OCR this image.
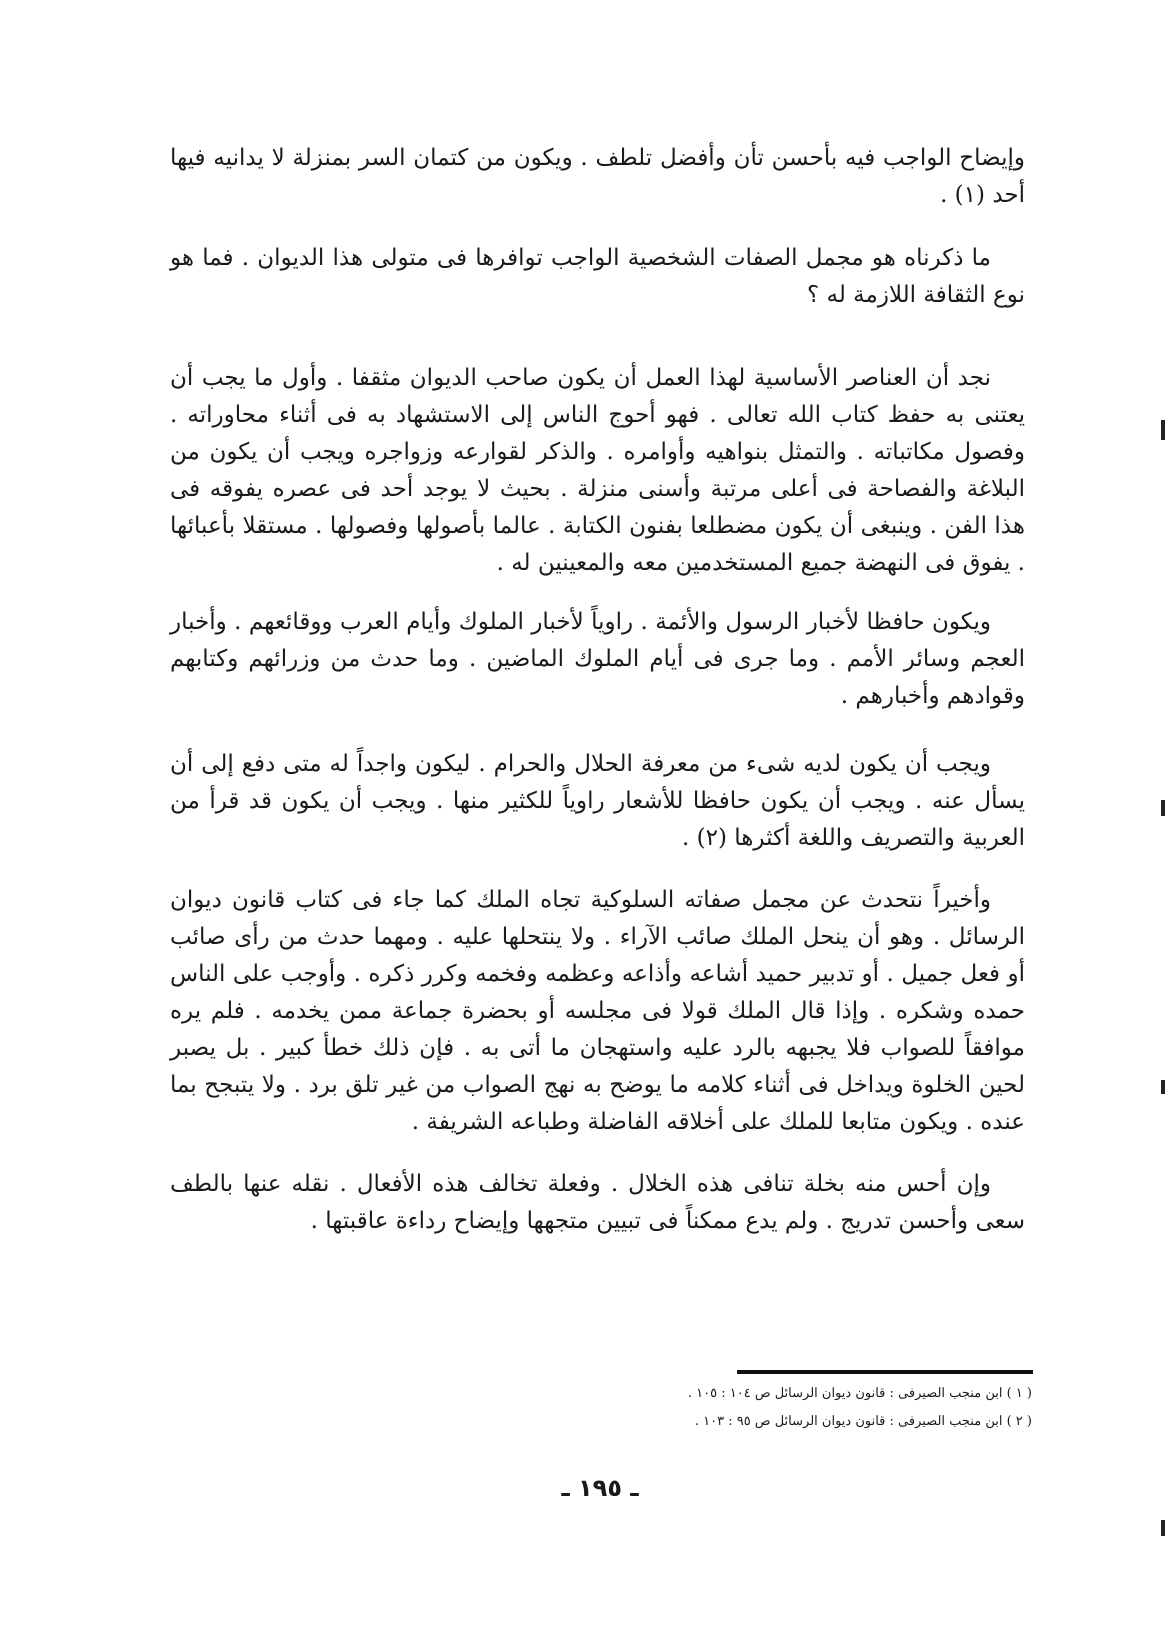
وإيضاح الواجب فيه بأحسن تأن وأفضل تلطف . ويكون من كتمان السر بمنزلة لا يدانيه فيها أحد (١) .

ما ذكرناه هو مجمل الصفات الشخصية الواجب توافرها فى متولى هذا الديوان . فما هو نوع الثقافة اللازمة له ؟

نجد أن العناصر الأساسية لهذا العمل أن يكون صاحب الديوان مثقفا . وأول ما يجب أن يعتنى به حفظ كتاب الله تعالى . فهو أحوج الناس إلى الاستشهاد به فى أثناء محاوراته . وفصول مكاتباته . والتمثل بنواهيه وأوامره . والذكر لقوارعه وزواجره ويجب أن يكون من البلاغة والفصاحة فى أعلى مرتبة وأسنى منزلة . بحيث لا يوجد أحد فى عصره يفوقه فى هذا الفن . وينبغى أن يكون مضطلعا بفنون الكتابة . عالما بأصولها وفصولها . مستقلا بأعبائها . يفوق فى النهضة جميع المستخدمين معه والمعينين له .

ويكون حافظا لأخبار الرسول والأئمة . راوياً لأخبار الملوك وأيام العرب ووقائعهم . وأخبار العجم وسائر الأمم . وما جرى فى أيام الملوك الماضين . وما حدث من وزرائهم وكتابهم وقوادهم وأخبارهم .

ويجب أن يكون لديه شىء من معرفة الحلال والحرام . ليكون واجداً له متى دفع إلى أن يسأل عنه . ويجب أن يكون حافظا للأشعار راوياً للكثير منها . ويجب أن يكون قد قرأ من العربية والتصريف واللغة أكثرها (٢) .

وأخيراً نتحدث عن مجمل صفاته السلوكية تجاه الملك كما جاء فى كتاب قانون ديوان الرسائل . وهو أن ينحل الملك صائب الآراء . ولا ينتحلها عليه . ومهما حدث من رأى صائب أو فعل جميل . أو تدبير حميد أشاعه وأذاعه وعظمه وفخمه وكرر ذكره . وأوجب على الناس حمده وشكره . وإذا قال الملك قولا فى مجلسه أو بحضرة جماعة ممن يخدمه . فلم يره موافقاً للصواب فلا يجبهه بالرد عليه واستهجان ما أتى به . فإن ذلك خطأ كبير . بل يصبر لحين الخلوة ويداخل فى أثناء كلامه ما يوضح به نهج الصواب من غير تلق برد . ولا يتبجح بما عنده . ويكون متابعا للملك على أخلاقه الفاضلة وطباعه الشريفة .

وإن أحس منه بخلة تنافى هذه الخلال . وفعلة تخالف هذه الأفعال . نقله عنها بالطف سعى وأحسن تدريج . ولم يدع ممكناً فى تبيين متجهها وإيضاح رداءة عاقبتها .

( ١ ) ابن منجب الصيرفى : قانون ديوان الرسائل ص ١٠٤ : ١٠٥ .
( ٢ ) ابن منجب الصيرفى : قانون ديوان الرسائل ص ٩٥ : ١٠٣ .
ـ ١٩٥ ـ
